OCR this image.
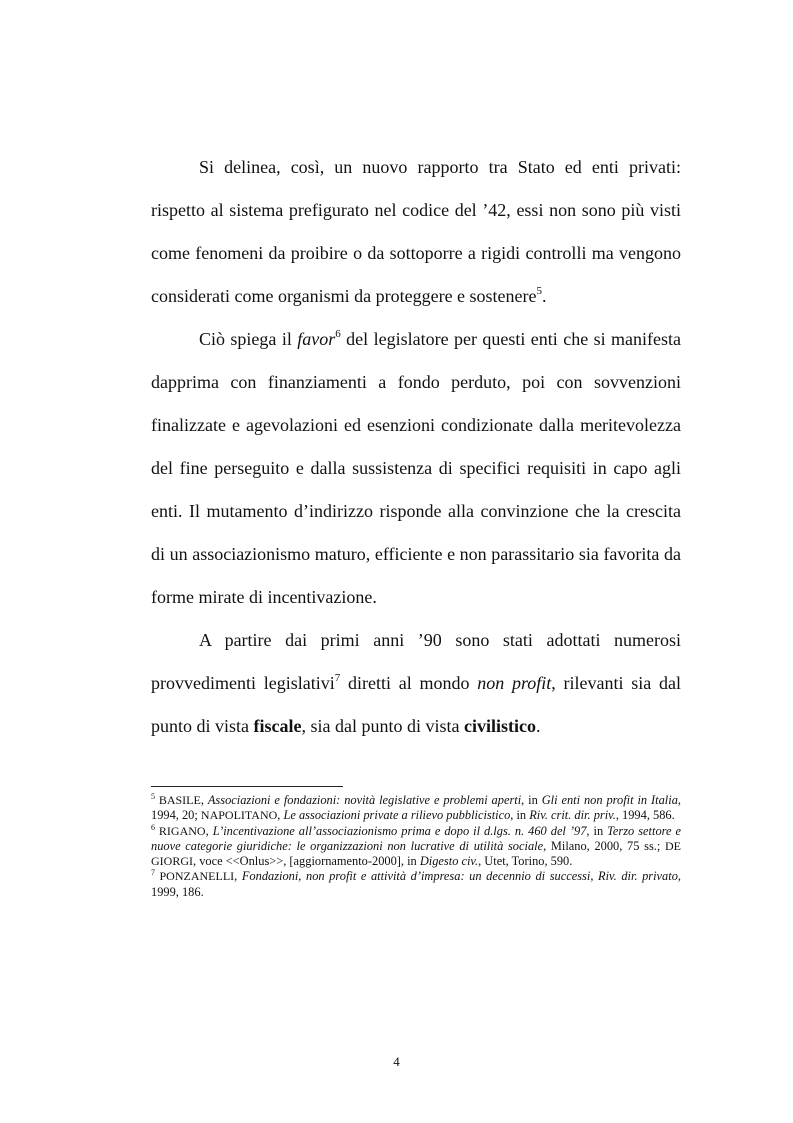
Si delinea, così, un nuovo rapporto tra Stato ed enti privati: rispetto al sistema prefigurato nel codice del ’42, essi non sono più visti come fenomeni da proibire o da sottoporre a rigidi controlli ma vengono considerati come organismi da proteggere e sostenere$^5$.

Ciò spiega il favor$^6$ del legislatore per questi enti che si manifesta dapprima con finanziamenti a fondo perduto, poi con sovvenzioni finalizzate e agevolazioni ed esenzioni condizionate dalla meritevolezza del fine perseguito e dalla sussistenza di specifici requisiti in capo agli enti. Il mutamento d’indirizzo risponde alla convinzione che la crescita di un associazionismo maturo, efficiente e non parassitario sia favorita da forme mirate di incentivazione.

A partire dai primi anni ’90 sono stati adottati numerosi provvedimenti legislativi$^7$ diretti al mondo non profit, rilevanti sia dal punto di vista fiscale, sia dal punto di vista civilistico.

$^5$ BASILE, Associazioni e fondazioni: novità legislative e problemi aperti, in Gli enti non profit in Italia, 1994, 20; NAPOLITANO, Le associazioni private a rilievo pubblicistico, in Riv. crit. dir. priv., 1994, 586.

$^6$ RIGANO, L’incentivazione all’associazionismo prima e dopo il d.lgs. n. 460 del ’97, in Terzo settore e nuove categorie giuridiche: le organizzazioni non lucrative di utilità sociale, Milano, 2000, 75 ss.; DE GIORGI, voce <<Onlus>>, [aggiornamento-2000], in Digesto civ., Utet, Torino, 590.

$^7$ PONZANELLI, Fondazioni, non profit e attività d’impresa: un decennio di successi, Riv. dir. privato, 1999, 186.

4
